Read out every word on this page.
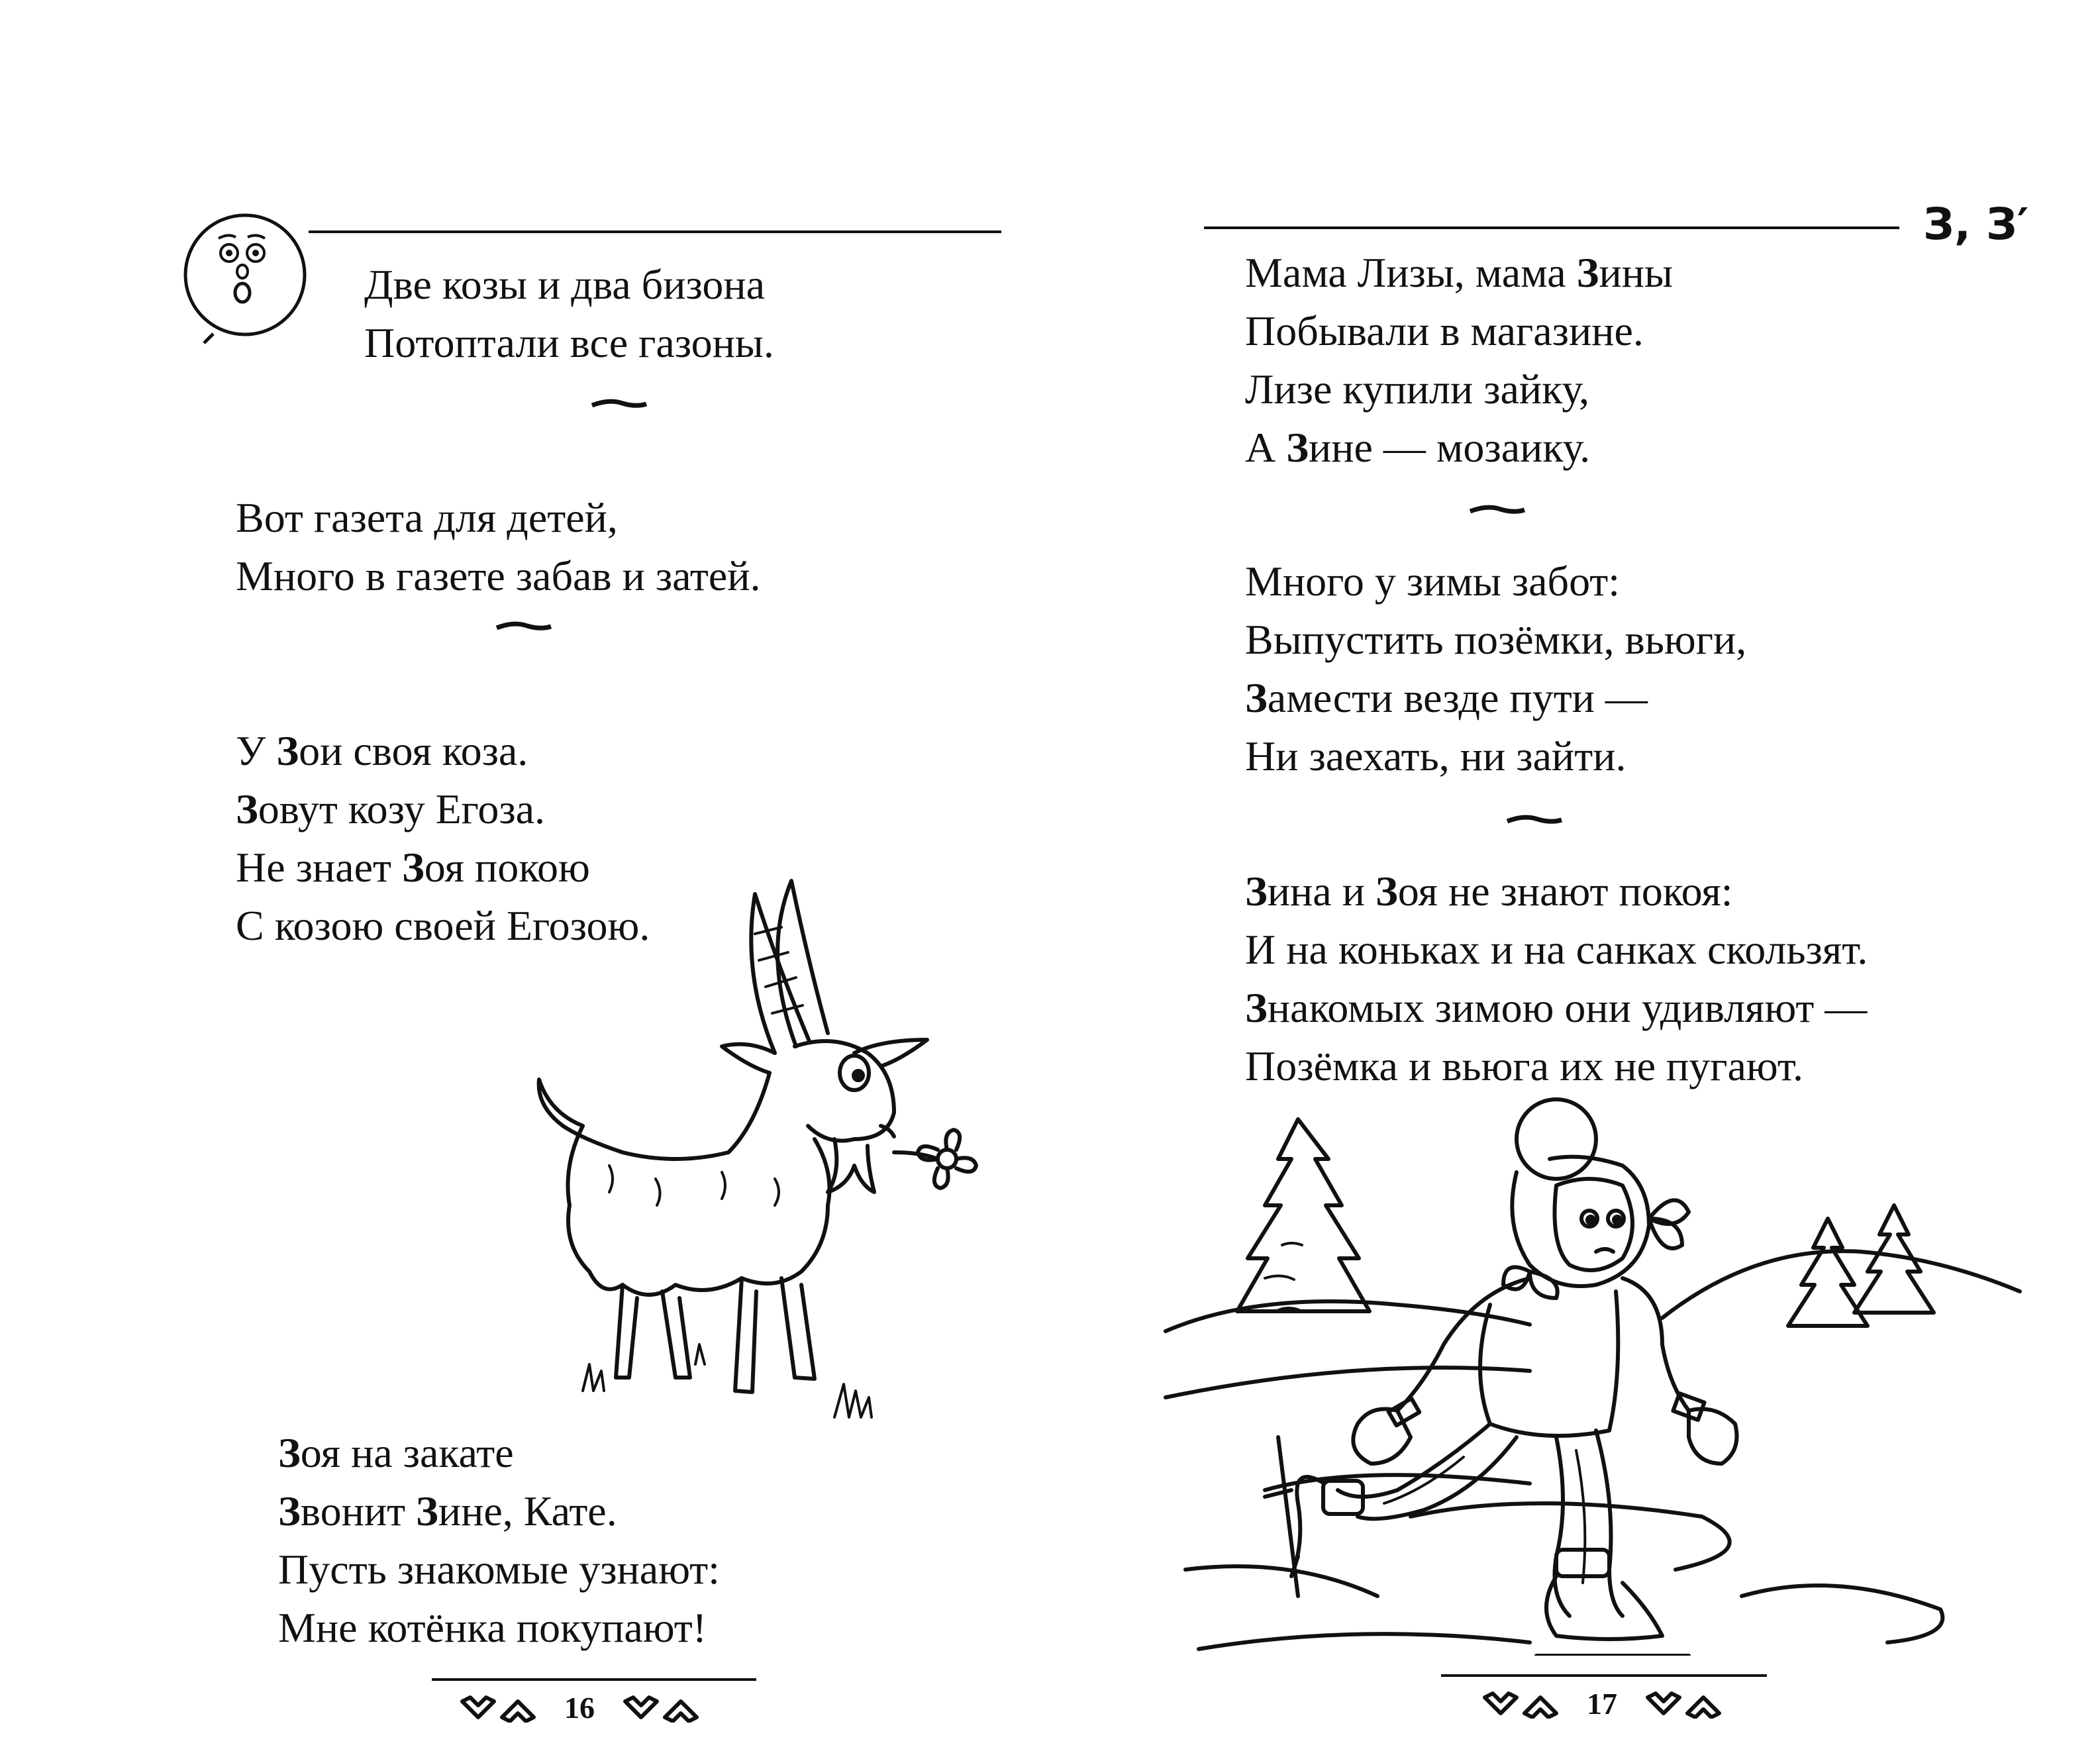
Две козы и два бизона
Потоптали все газоны.
Вот газета для детей,
Много в газете забав и затей.
У Зои своя коза.
Зовут козу Егоза.
Не знает Зоя покою
С козою своей Егозою.
Зоя на закате
Звонит Зине, Кате.
Пусть знакомые узнают:
Мне котёнка покупают!
16
З, З′
Мама Лизы, мама Зины
Побывали в магазине.
Лизе купили зайку,
А Зине — мозаику.
Много у зимы забот:
Выпустить позёмки, вьюги,
Замести везде пути —
Ни заехать, ни зайти.
Зина и Зоя не знают покоя:
И на коньках и на санках скользят.
Знакомых зимою они удивляют —
Позёмка и вьюга их не пугают.
17
